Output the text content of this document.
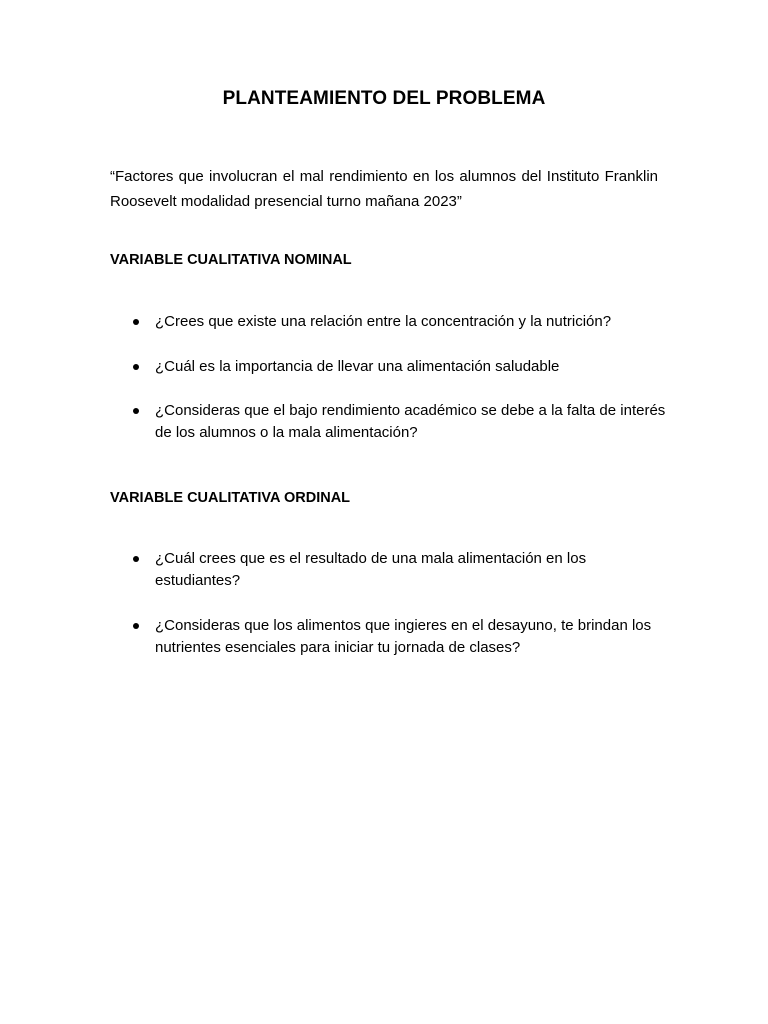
PLANTEAMIENTO DEL PROBLEMA
“Factores que involucran el mal rendimiento en los alumnos del Instituto Franklin Roosevelt modalidad presencial turno mañana 2023”
VARIABLE CUALITATIVA NOMINAL
¿Crees que existe una relación entre la concentración y la nutrición?
¿Cuál es la importancia de llevar una alimentación saludable
¿Consideras que el bajo rendimiento académico se debe a la falta de interés de los alumnos o la mala alimentación?
VARIABLE CUALITATIVA ORDINAL
¿Cuál crees que es el resultado de una mala alimentación en los estudiantes?
¿Consideras que los alimentos que ingieres en el desayuno, te brindan los nutrientes esenciales para iniciar tu jornada de clases?
